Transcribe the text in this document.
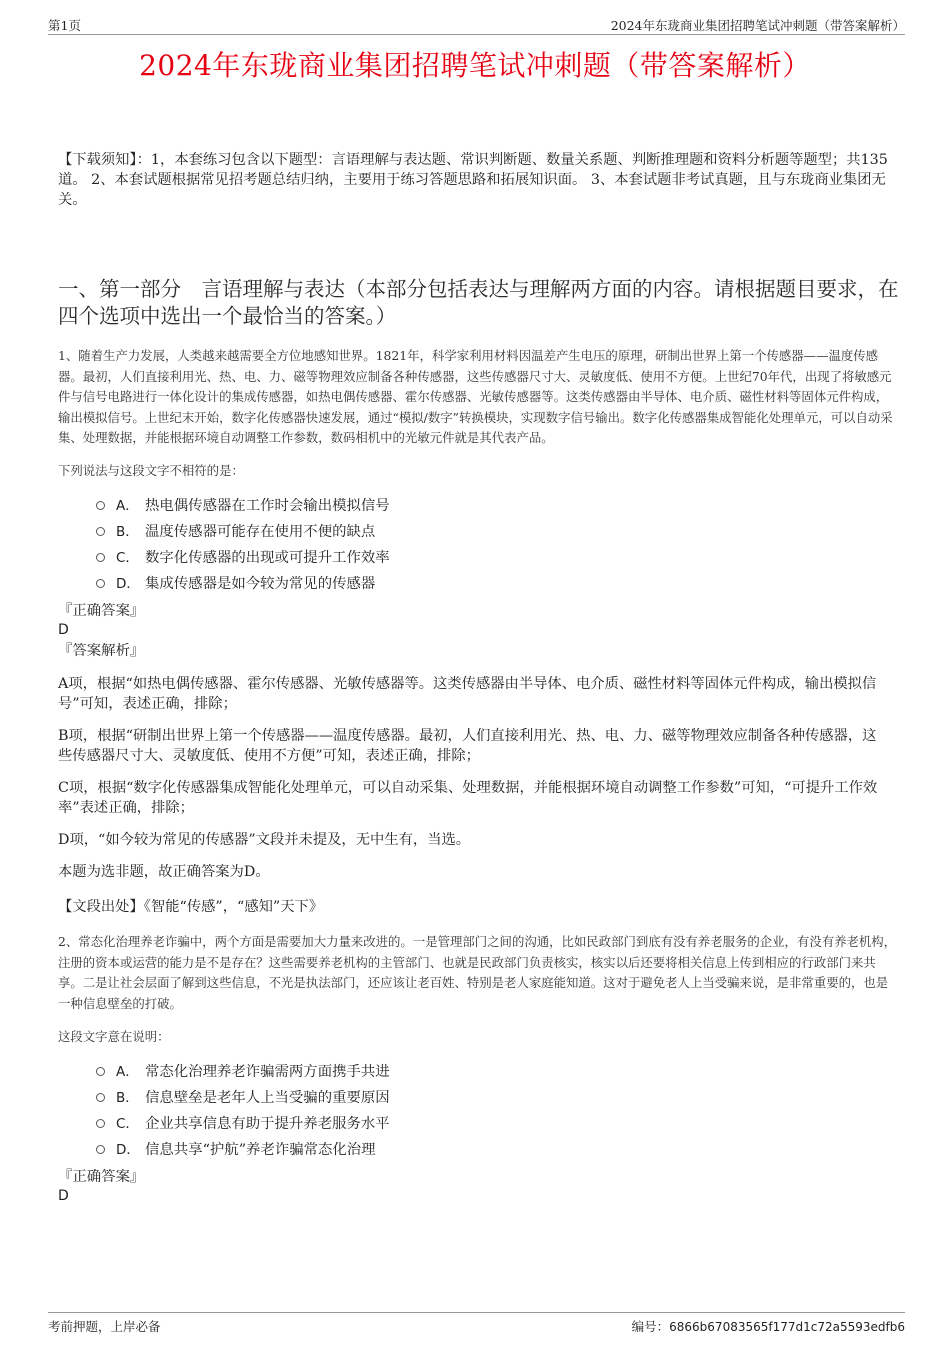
第1页	2024年东珑商业集团招聘笔试冲刺题（带答案解析）
2024年东珑商业集团招聘笔试冲刺题（带答案解析）
【下载须知】：1，本套练习包含以下题型：言语理解与表达题、常识判断题、数量关系题、判断推理题和资料分析题等题型；共135道。 2、本套试题根据常见招考题总结归纳，主要用于练习答题思路和拓展知识面。 3、本套试题非考试真题，且与东珑商业集团无关。
一、第一部分　言语理解与表达（本部分包括表达与理解两方面的内容。请根据题目要求，在四个选项中选出一个最恰当的答案。）
1、随着生产力发展，人类越来越需要全方位地感知世界。1821年，科学家利用材料因温差产生电压的原理，研制出世界上第一个传感器——温度传感器。最初，人们直接利用光、热、电、力、磁等物理效应制备各种传感器，这些传感器尺寸大、灵敏度低、使用不方便。上世纪70年代，出现了将敏感元件与信号电路进行一体化设计的集成传感器，如热电偶传感器、霍尔传感器、光敏传感器等。这类传感器由半导体、电介质、磁性材料等固体元件构成，输出模拟信号。上世纪末开始，数字化传感器快速发展，通过“模拟/数字”转换模块，实现数字信号输出。数字化传感器集成智能化处理单元，可以自动采集、处理数据，并能根据环境自动调整工作参数，数码相机中的光敏元件就是其代表产品。
下列说法与这段文字不相符的是：
A． 热电偶传感器在工作时会输出模拟信号
B． 温度传感器可能存在使用不便的缺点
C． 数字化传感器的出现或可提升工作效率
D． 集成传感器是如今较为常见的传感器
『正确答案』
D
『答案解析』
A项，根据“如热电偶传感器、霍尔传感器、光敏传感器等。这类传感器由半导体、电介质、磁性材料等固体元件构成，输出模拟信号”可知，表述正确，排除；
B项，根据“研制出世界上第一个传感器——温度传感器。最初，人们直接利用光、热、电、力、磁等物理效应制备各种传感器，这些传感器尺寸大、灵敏度低、使用不方便”可知，表述正确，排除；
C项，根据“数字化传感器集成智能化处理单元，可以自动采集、处理数据，并能根据环境自动调整工作参数”可知，“可提升工作效率”表述正确，排除；
D项，“如今较为常见的传感器”文段并未提及，无中生有，当选。
本题为选非题，故正确答案为D。
【文段出处】《智能“传感”，“感知”天下》
2、常态化治理养老诈骗中，两个方面是需要加大力量来改进的。一是管理部门之间的沟通，比如民政部门到底有没有养老服务的企业，有没有养老机构，注册的资本或运营的能力是不是存在？这些需要养老机构的主管部门、也就是民政部门负责核实，核实以后还要将相关信息上传到相应的行政部门来共享。二是让社会层面了解到这些信息，不光是执法部门，还应该让老百姓、特别是老人家庭能知道。这对于避免老人上当受骗来说，是非常重要的，也是一种信息壁垒的打破。
这段文字意在说明：
A． 常态化治理养老诈骗需两方面携手共进
B． 信息壁垒是老年人上当受骗的重要原因
C． 企业共享信息有助于提升养老服务水平
D． 信息共享“护航”养老诈骗常态化治理
『正确答案』
D
考前押题，上岸必备	编号：6866b67083565f177d1c72a5593edfb6
